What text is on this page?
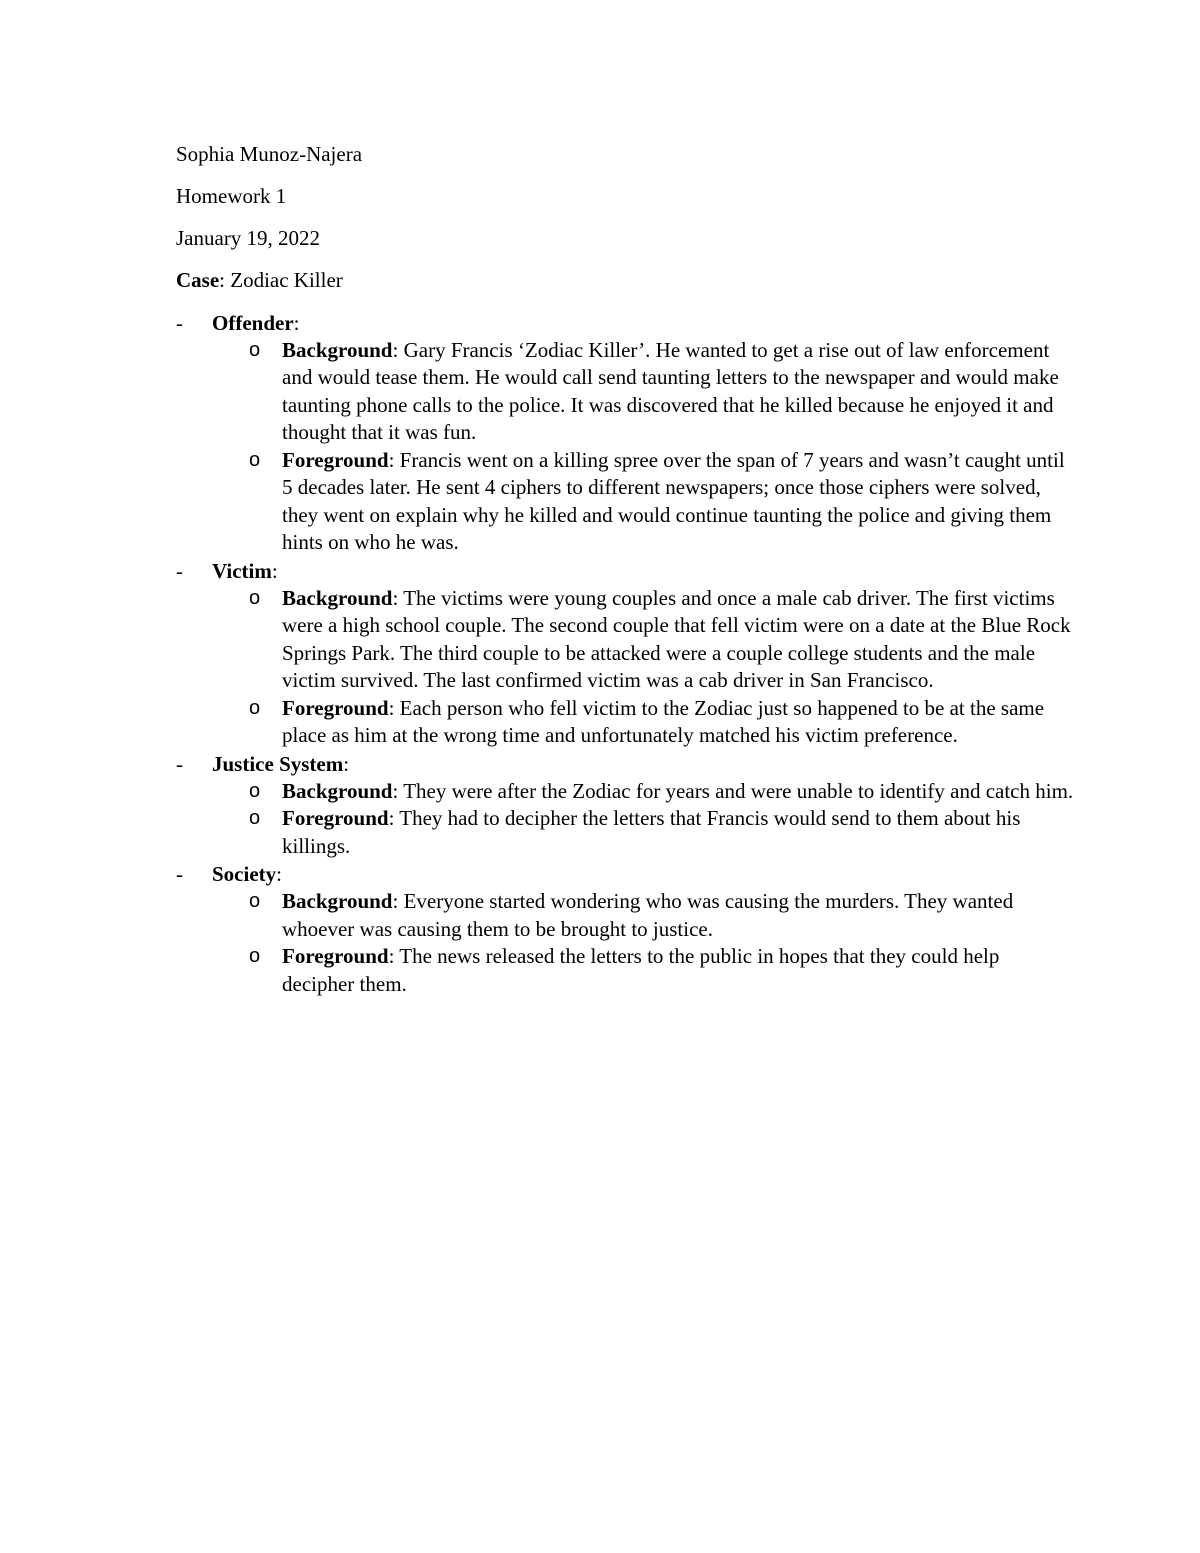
Sophia Munoz-Najera
Homework 1
January 19, 2022
Case: Zodiac Killer
- Offender:
o Background: Gary Francis ‘Zodiac Killer’. He wanted to get a rise out of law enforcement and would tease them. He would call send taunting letters to the newspaper and would make taunting phone calls to the police. It was discovered that he killed because he enjoyed it and thought that it was fun.
o Foreground: Francis went on a killing spree over the span of 7 years and wasn’t caught until 5 decades later. He sent 4 ciphers to different newspapers; once those ciphers were solved, they went on explain why he killed and would continue taunting the police and giving them hints on who he was.
- Victim:
o Background: The victims were young couples and once a male cab driver. The first victims were a high school couple. The second couple that fell victim were on a date at the Blue Rock Springs Park. The third couple to be attacked were a couple college students and the male victim survived. The last confirmed victim was a cab driver in San Francisco.
o Foreground: Each person who fell victim to the Zodiac just so happened to be at the same place as him at the wrong time and unfortunately matched his victim preference.
- Justice System:
o Background: They were after the Zodiac for years and were unable to identify and catch him.
o Foreground: They had to decipher the letters that Francis would send to them about his killings.
- Society:
o Background: Everyone started wondering who was causing the murders. They wanted whoever was causing them to be brought to justice.
o Foreground: The news released the letters to the public in hopes that they could help decipher them.
